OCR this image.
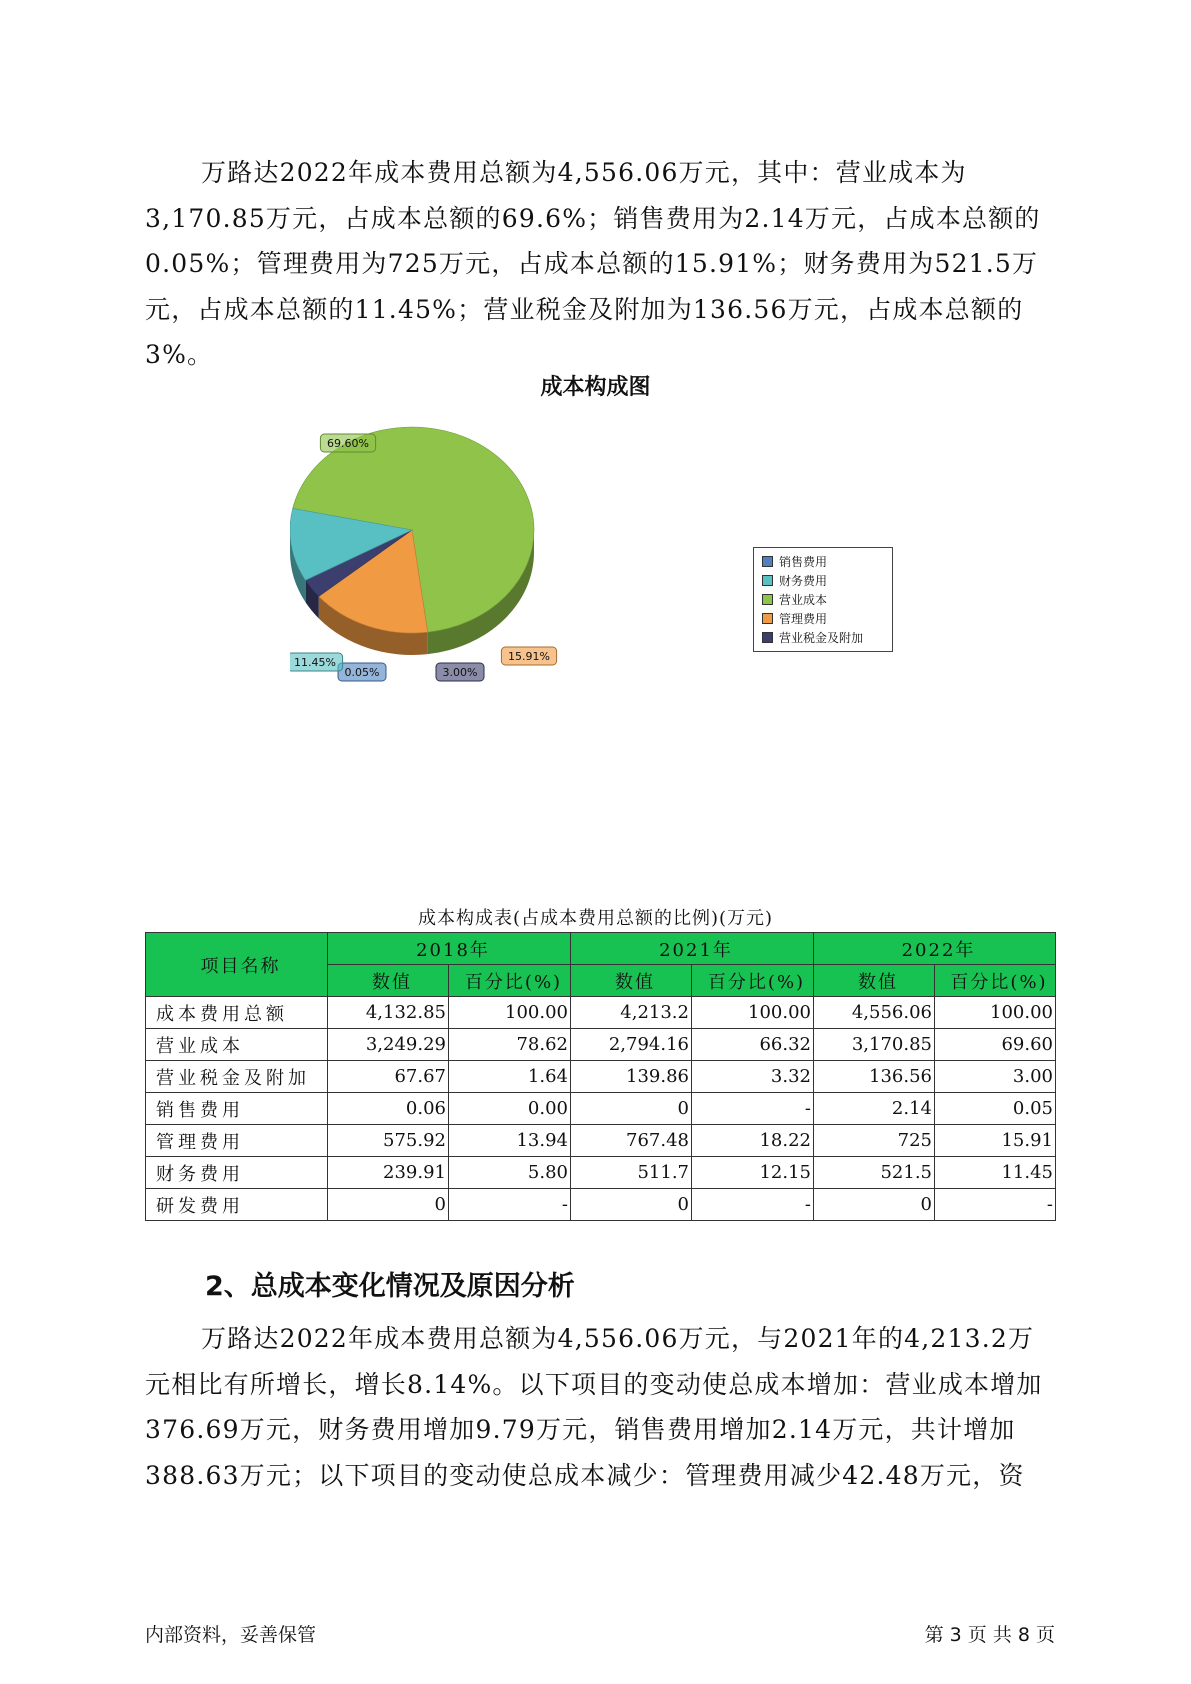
万路达2022年成本费用总额为4,556.06万元，其中：营业成本为3,170.85万元，占成本总额的69.6%；销售费用为2.14万元，占成本总额的0.05%；管理费用为725万元，占成本总额的15.91%；财务费用为521.5万元，占成本总额的11.45%；营业税金及附加为136.56万元，占成本总额的3%。

成本构成图
69.60%
15.91%
3.00%
0.05%
11.45%
销售费用
财务费用
营业成本
管理费用
营业税金及附加
成本构成表(占成本费用总额的比例)(万元)
项目名称	2018年		2021年		2022年	
	数值	百分比(%)	数值	百分比(%)	数值	百分比(%)
成本费用总额	4,132.85	100.00	4,213.2	100.00	4,556.06	100.00
营业成本	3,249.29	78.62	2,794.16	66.32	3,170.85	69.60
营业税金及附加	67.67	1.64	139.86	3.32	136.56	3.00
销售费用	0.06	0.00	0	-	2.14	0.05
管理费用	575.92	13.94	767.48	18.22	725	15.91
财务费用	239.91	5.80	511.7	12.15	521.5	11.45
研发费用	0	-	0	-	0	-
2、总成本变化情况及原因分析

万路达2022年成本费用总额为4,556.06万元，与2021年的4,213.2万元相比有所增长，增长8.14%。以下项目的变动使总成本增加：营业成本增加376.69万元，财务费用增加9.79万元，销售费用增加2.14万元，共计增加388.63万元；以下项目的变动使总成本减少：管理费用减少42.48万元，资

内部资料，妥善保管	第 3 页 共 8 页
